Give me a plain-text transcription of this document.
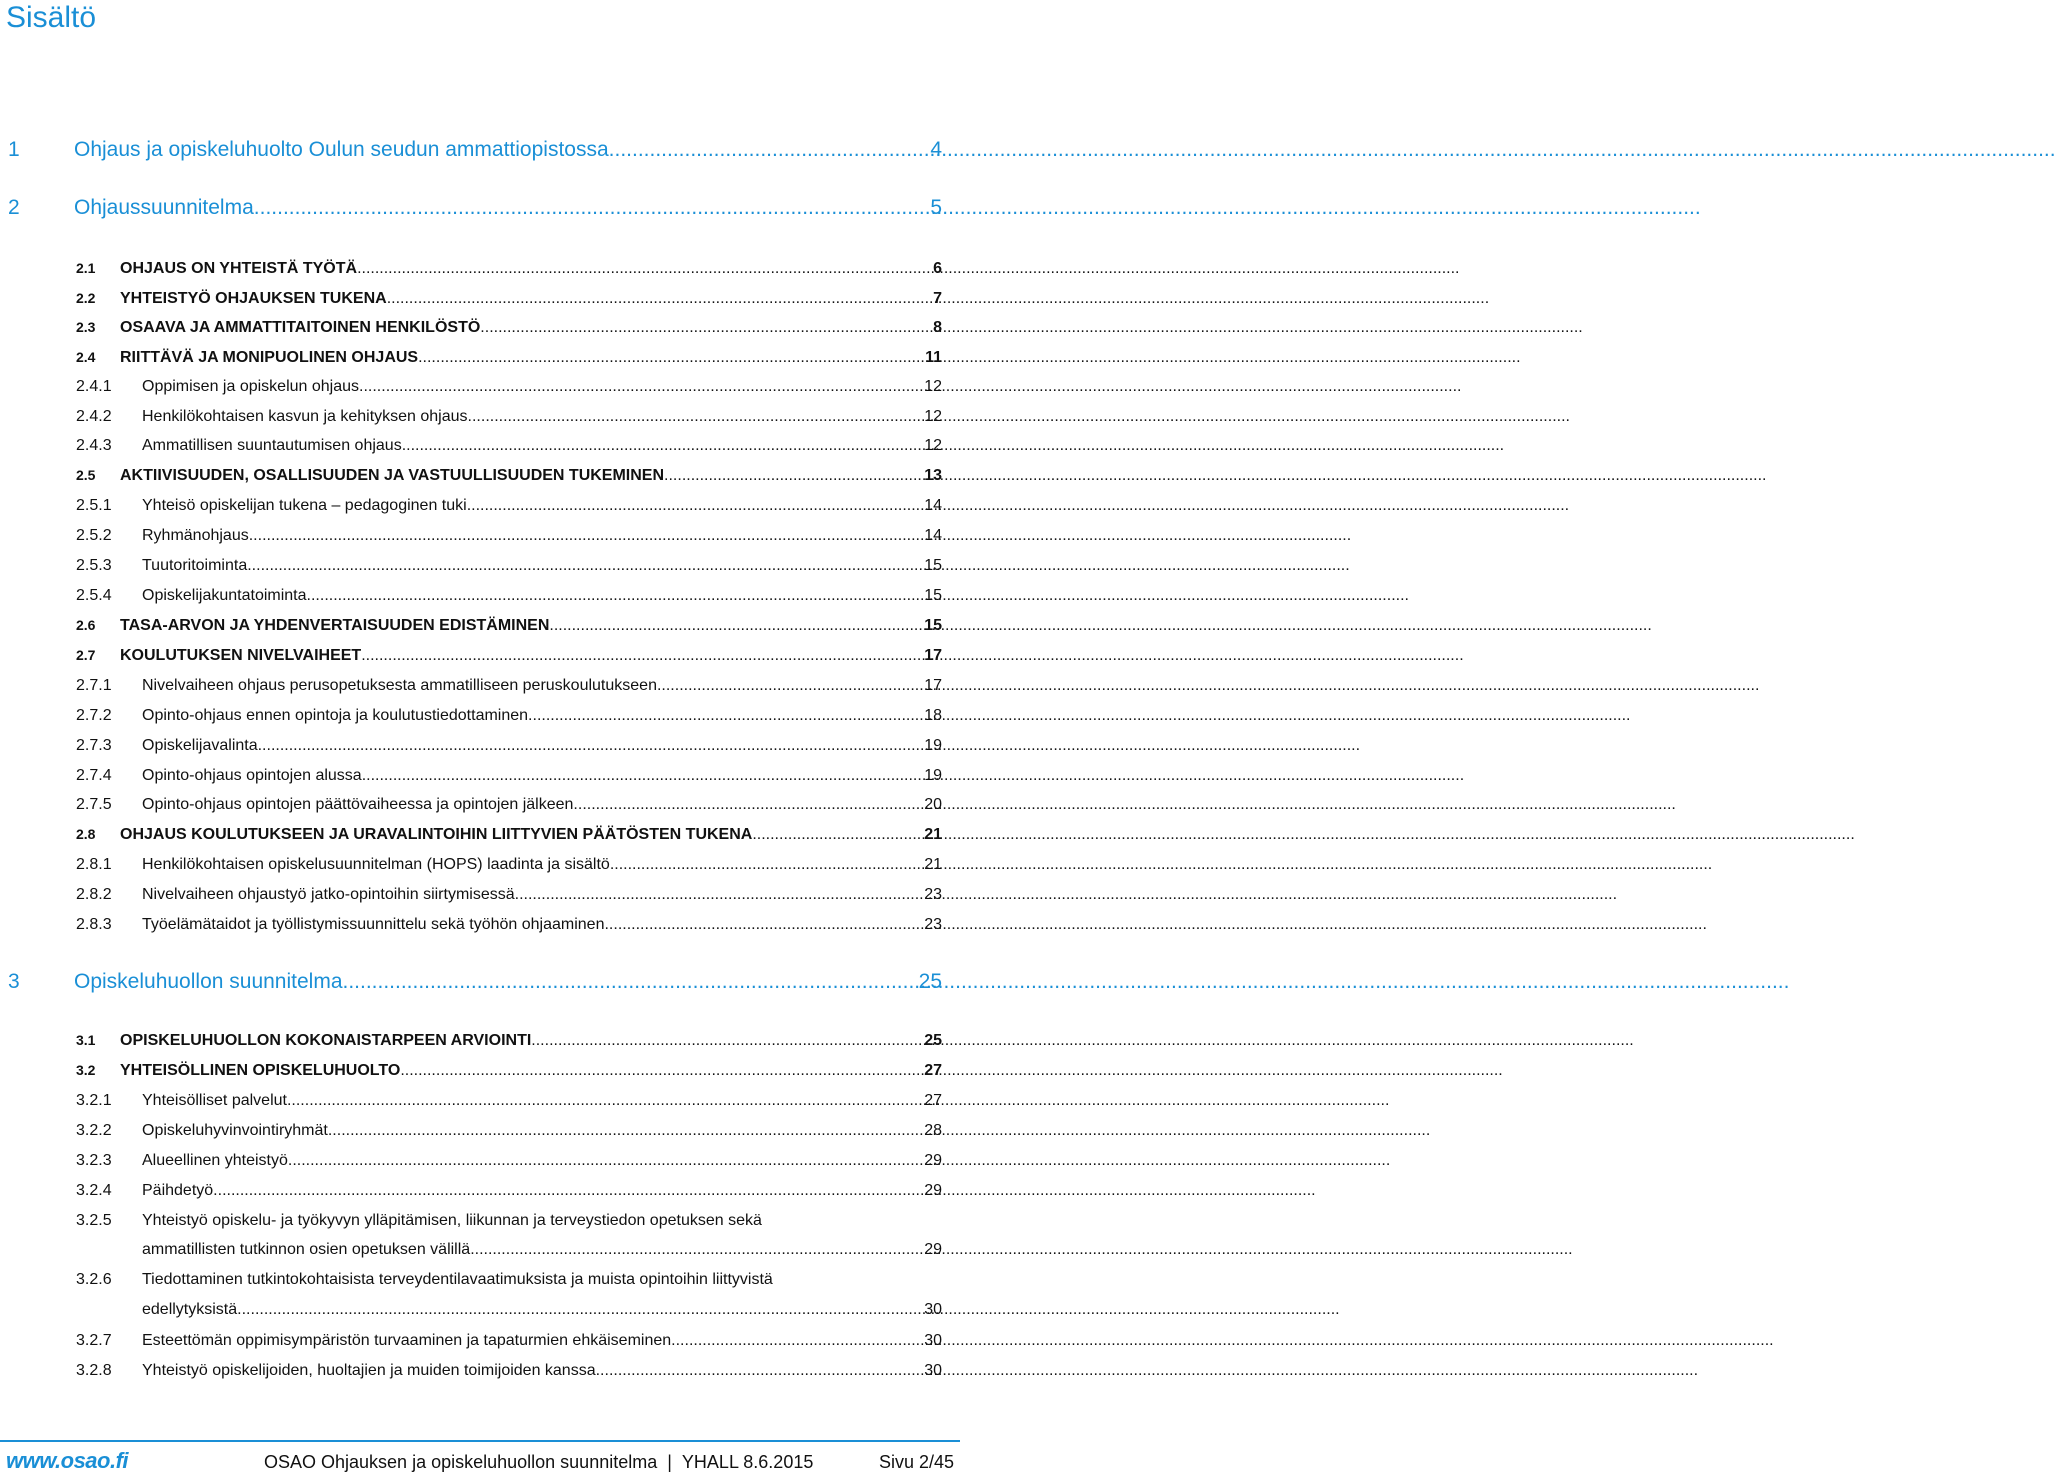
Sisältö
1	Ohjaus ja opiskeluhuolto Oulun seudun ammattiopistossa .....	4
2	Ohjaussuunnitelma .....	5
2.1 OHJAUS ON YHTEISTÄ TYÖTÄ .....	6
2.2 YHTEISTYÖ OHJAUKSEN TUKENA .....	7
2.3 OSAAVA JA AMMATTITAITOINEN HENKILÖSTÖ .....	8
2.4 RIITTÄVÄ JA MONIPUOLINEN OHJAUS .....	11
2.4.1 Oppimisen ja opiskelun ohjaus .....	12
2.4.2 Henkilökohtaisen kasvun ja kehityksen ohjaus .....	12
2.4.3 Ammatillisen suuntautumisen ohjaus .....	12
2.5 AKTIIVISUUDEN, OSALLISUUDEN JA VASTUULLISUUDEN TUKEMINEN .....	13
2.5.1 Yhteisö opiskelijan tukena – pedagoginen tuki .....	14
2.5.2 Ryhmänohjaus .....	14
2.5.3 Tuutoritoiminta .....	15
2.5.4 Opiskelijakuntatoiminta .....	15
2.6 TASA-ARVON JA YHDENVERTAISUUDEN EDISTÄMINEN .....	15
2.7 KOULUTUKSEN NIVELVAIHEET .....	17
2.7.1 Nivelvaiheen ohjaus perusopetuksesta ammatilliseen peruskoulutukseen .....	17
2.7.2 Opinto-ohjaus ennen opintoja ja koulutustiedottaminen .....	18
2.7.3 Opiskelijavalinta .....	19
2.7.4 Opinto-ohjaus opintojen alussa .....	19
2.7.5 Opinto-ohjaus opintojen päättövaiheessa ja opintojen jälkeen .....	20
2.8 OHJAUS KOULUTUKSEEN JA URAVALINTOIHIN LIITTYVIEN PÄÄTÖSTEN TUKENA .....	21
2.8.1 Henkilökohtaisen opiskelusuunnitelman (HOPS) laadinta ja sisältö .....	21
2.8.2 Nivelvaiheen ohjaustyö jatko-opintoihin siirtymisessä .....	23
2.8.3 Työelämätaidot ja työllistymissuunnittelu sekä työhön ohjaaminen .....	23
3	Opiskeluhuollon suunnitelma .....	25
3.1 OPISKELUHUOLLON KOKONAISTARPEEN ARVIOINTI .....	25
3.2 YHTEISÖLLINEN OPISKELUHUOLTO .....	27
3.2.1 Yhteisölliset palvelut .....	27
3.2.2 Opiskeluhyvinvointiryhmät .....	28
3.2.3 Alueellinen yhteistyö .....	29
3.2.4 Päihdetyö .....	29
3.2.5 Yhteistyö opiskelu- ja työkyvyn ylläpitämisen, liikunnan ja terveystiedon opetuksen sekä
ammatillisten tutkinnon osien opetuksen välillä .....	29
3.2.6 Tiedottaminen tutkintokohtaisista terveydentilavaatimuksista ja muista opintoihin liittyvistä
edellytyksistä .....	30
3.2.7 Esteettömän oppimisympäristön turvaaminen ja tapaturmien ehkäiseminen .....	30
3.2.8 Yhteistyö opiskelijoiden, huoltajien ja muiden toimijoiden kanssa .....	30
www.osao.fi	OSAO Ohjauksen ja opiskeluhuollon suunnitelma | YHALL 8.6.2015	Sivu 2/45
